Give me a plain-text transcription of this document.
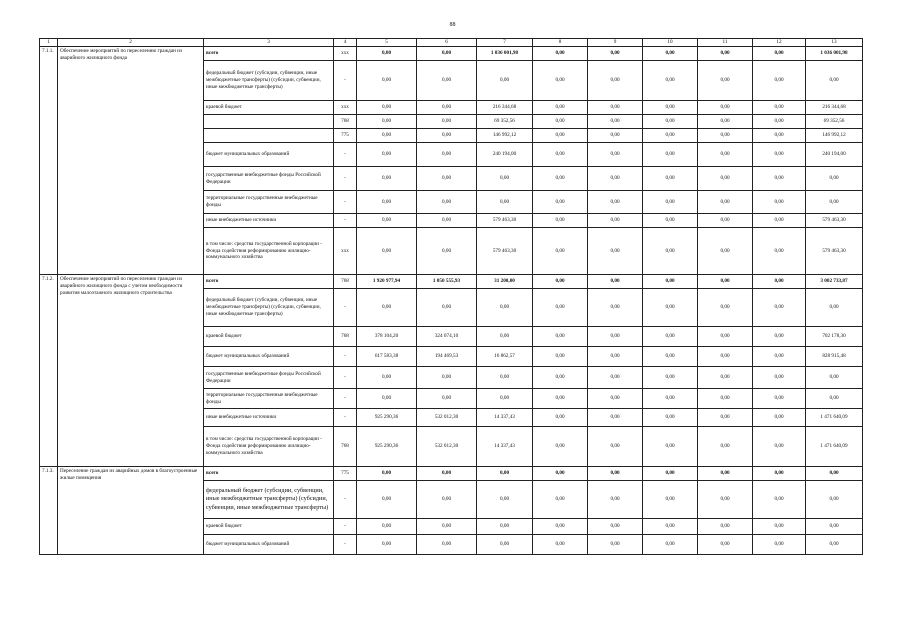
88
1	2	3	4	5	6	7	8	9	10	11	12	13
7.1.1.	Обеспечение мероприятий по переселению граждан из аварийного жилищного фонда	всего	xxx	0,00	0,00	1 036 001,98	0,00	0,00	0,00	0,00	0,00	1 036 001,98
		федеральный бюджет (субсидии, субвенции, иные межбюджетные трансферты) (субсидии, субвенции, иные межбюджетные трансферты)	-	0,00	0,00	0,00	0,00	0,00	0,00	0,00	0,00	0,00
		краевой бюджет	xxx	0,00	0,00	216 344,68	0,00	0,00	0,00	0,00	0,00	216 344,68
			768	0,00	0,00	69 352,56	0,00	0,00	0,00	0,00	0,00	69 352,56
			775	0,00	0,00	146 992,12	0,00	0,00	0,00	0,00	0,00	146 992,12
		бюджет муниципальных образований	-	0,00	0,00	240 194,00	0,00	0,00	0,00	0,00	0,00	240 194,00
		государственные внебюджетные фонды Российской Федерации	-	0,00	0,00	0,00	0,00	0,00	0,00	0,00	0,00	0,00
		территориальные государственные внебюджетные фонды	-	0,00	0,00	0,00	0,00	0,00	0,00	0,00	0,00	0,00
		иные внебюджетные источники	-	0,00	0,00	579 463,30	0,00	0,00	0,00	0,00	0,00	579 463,30
		в том числе: средства государственной корпорации - Фонда содействия реформированию жилищно-коммунального хозяйства	xxx	0,00	0,00	579 463,30	0,00	0,00	0,00	0,00	0,00	579 463,30
7.1.2.	Обеспечение мероприятий по переселению граждан из аварийного жилищного фонда с учетом необходимости развития малоэтажного жилищного строительства	всего	768	1 920 977,94	1 050 555,93	31 200,00	0,00	0,00	0,00	0,00	0,00	3 002 733,87
		федеральный бюджет (субсидии, субвенции, иные межбюджетные трансферты) (субсидии, субвенции, иные межбюджетные трансферты)	-	0,00	0,00	0,00	0,00	0,00	0,00	0,00	0,00	0,00
		краевой бюджет	768	378 104,20	324 074,10	0,00	0,00	0,00	0,00	0,00	0,00	702 178,30
		бюджет муниципальных образований	-	617 583,38	194 469,53	16 862,57	0,00	0,00	0,00	0,00	0,00	828 915,48
		государственные внебюджетные фонды Российской Федерации	-	0,00	0,00	0,00	0,00	0,00	0,00	0,00	0,00	0,00
		территориальные государственные внебюджетные фонды	-	0,00	0,00	0,00	0,00	0,00	0,00	0,00	0,00	0,00
		иные внебюджетные источники	-	925 290,36	532 012,30	14 337,43	0,00	0,00	0,00	0,00	0,00	1 471 640,09
		в том числе: средства государственной корпорации - Фонда содействия реформированию жилищно-коммунального хозяйства	768	925 290,36	532 012,30	14 337,43	0,00	0,00	0,00	0,00	0,00	1 471 640,09
7.1.3.	Переселение граждан из аварийных домов в благоустроенные жилые помещения	всего	775	0,00	0,00	0,00	0,00	0,00	0,00	0,00	0,00	0,00
		федеральный бюджет (субсидии, субвенции, иные межбюджетные трансферты) (субсидии, субвенции, иные межбюджетные трансферты)	-	0,00	0,00	0,00	0,00	0,00	0,00	0,00	0,00	0,00
		краевой бюджет	-	0,00	0,00	0,00	0,00	0,00	0,00	0,00	0,00	0,00
		бюджет муниципальных образований	-	0,00	0,00	0,00	0,00	0,00	0,00	0,00	0,00	0,00
